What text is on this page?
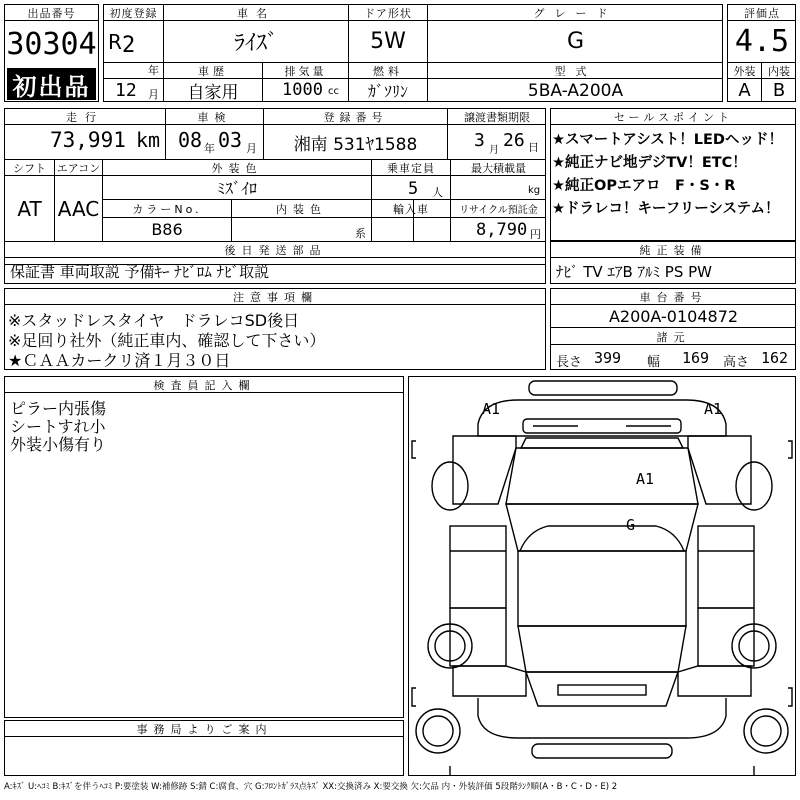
出品番号
30304
初出品
初度登録
R 2
年
12 月
車名
ﾗｲｽﾞ
車歴
自家用
排気量
1000 cc
ドア形状
5W
燃料
ｶﾞｿﾘﾝ
グレード
G
型式
5BA-A200A
評価点
4.5
外装	内装
A	B
走行
73,991 km
車検
08 年 03 月
登録番号
湘南 531ﾔ1588
譲渡書類期限
3 月 26 日
シフト
AT
エアコン
AAC
外装色
ﾐｽﾞｲﾛ
カラーNo.
B86
内装色
系
乗車定員
5 人
輸入車
最大積載量
kg
リサイクル預託金
8,790 円
後日発送部品
保証書 車両取説 予備ｷｰ ﾅﾋﾞﾛﾑ ﾅﾋﾞ取説
セールスポイント
★スマートアシスト！LEDヘッド！
★純正ナビ地デジTV！ETC！
★純正OPエアロ　F・S・R
★ドラレコ！キーフリーシステム！
純正装備
ﾅﾋﾞ TV ｴｱB ｱﾙﾐ PS PW
注意事項欄
※スタッドレスタイヤ　ドラレコSD後日
※足回り社外（純正車内、確認して下さい）
★ＣＡＡカークリ済１月３０日
車台番号
A200A-0104872
諸元
長さ 399 幅 169 高さ 162
検査員記入欄
ピラー内張傷
シートすれ小
外装小傷有り
事務局よりご案内
A1	A1
A1
G
A:ｷｽﾞ U:ﾍｺﾐ B:ｷｽﾞを伴うﾍｺﾐ P:要塗装 W:補修跡 S:錆 C:腐食、穴 G:ﾌﾛﾝﾄｶﾞﾗｽ点ｷｽﾞ XX:交換済み X:要交換 欠:欠品 内・外装評価 5段階ﾗﾝｸ順(A・B・C・D・E) 2
